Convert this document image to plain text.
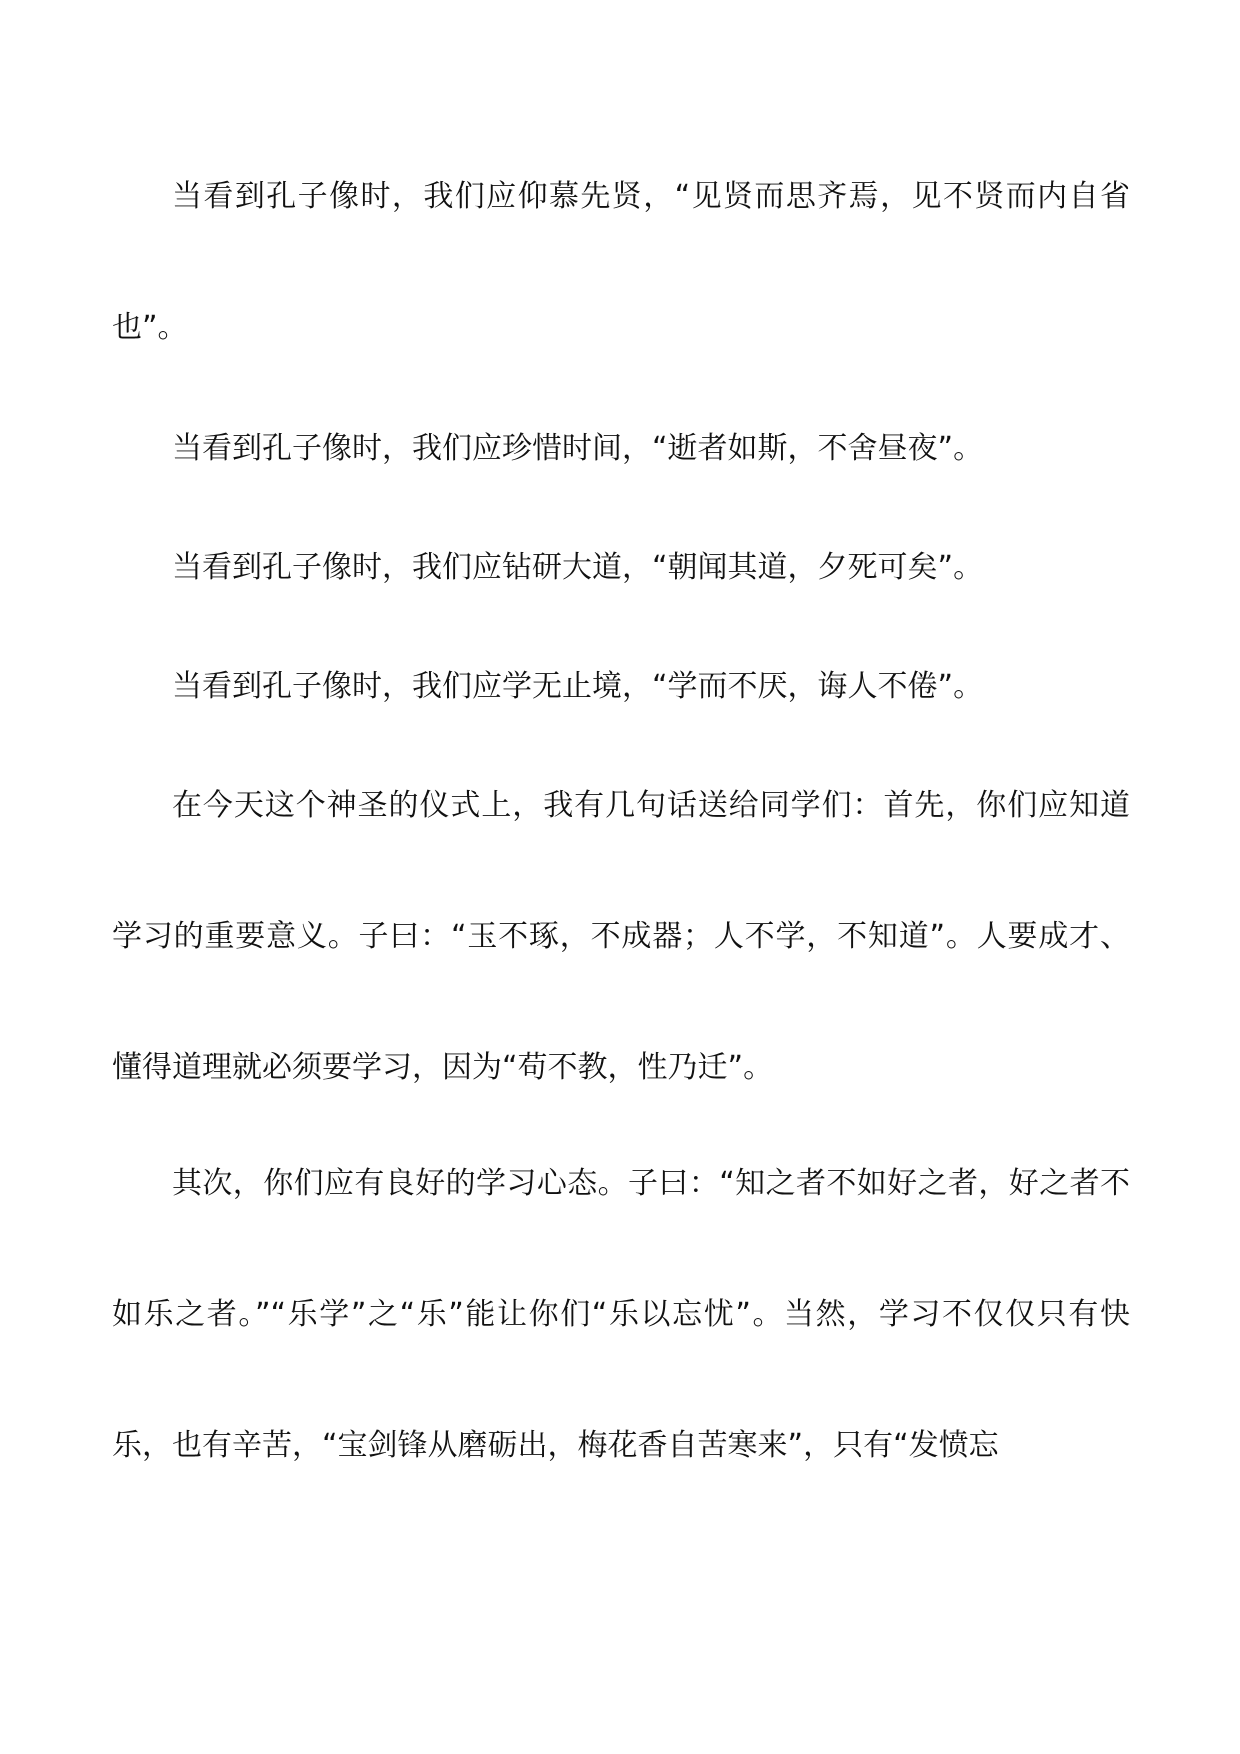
当看到孔子像时，我们应仰慕先贤，“见贤而思齐焉，见不贤而内自省也”。

当看到孔子像时，我们应珍惜时间，“逝者如斯，不舍昼夜”。

当看到孔子像时，我们应钻研大道，“朝闻其道，夕死可矣”。

当看到孔子像时，我们应学无止境，“学而不厌，诲人不倦”。

在今天这个神圣的仪式上，我有几句话送给同学们：首先，你们应知道学习的重要意义。子曰：“玉不琢，不成器；人不学，不知道”。人要成才、懂得道理就必须要学习，因为“苟不教，性乃迁”。

其次，你们应有良好的学习心态。子曰：“知之者不如好之者，好之者不如乐之者。”“乐学”之“乐”能让你们“乐以忘忧”。当然，学习不仅仅只有快乐，也有辛苦，“宝剑锋从磨砺出，梅花香自苦寒来”，只有“发愤忘
